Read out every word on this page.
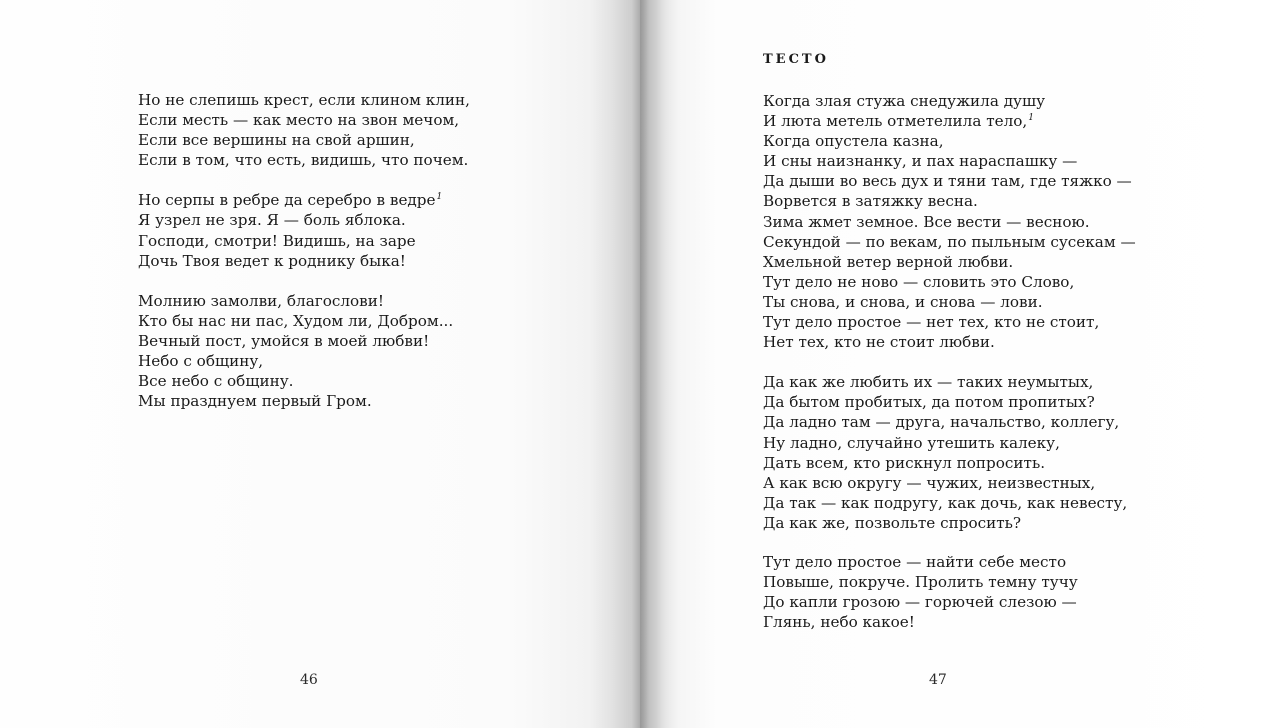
Но не слепишь крест, если клином клин,
Если месть — как место на звон мечом,
Если все вершины на свой аршин,
Если в том, что есть, видишь, что почем.
Но серпы в ребре да серебро в ведре$^1$
Я узрел не зря. Я — боль яблока.
Господи, смотри! Видишь, на заре
Дочь Твоя ведет к роднику быка!
Молнию замолви, благослови!
Кто бы нас ни пас, Худом ли, Добром...
Вечный пост, умойся в моей любви!
Небо с общину,
Все небо с общину.
Мы празднуем первый Гром.
46
ТЕСТО
Когда злая стужа снедужила душу
И люта метель отметелила тело,$^1$
Когда опустела казна,
И сны наизнанку, и пах нараспашку —
Да дыши во весь дух и тяни там, где тяжко —
Ворвется в затяжку весна.
Зима жмет земное. Все вести — весною.
Секундой — по векам, по пыльным сусекам —
Хмельной ветер верной любви.
Тут дело не ново — словить это Слово,
Ты снова, и снова, и снова — лови.
Тут дело простое — нет тех, кто не стоит,
Нет тех, кто не стоит любви.
Да как же любить их — таких неумытых,
Да бытом пробитых, да потом пропитых?
Да ладно там — друга, начальство, коллегу,
Ну ладно, случайно утешить калеку,
Дать всем, кто рискнул попросить.
А как всю округу — чужих, неизвестных,
Да так — как подругу, как дочь, как невесту,
Да как же, позвольте спросить?
Тут дело простое — найти себе место
Повыше, покруче. Пролить темну тучу
До капли грозою — горючей слезою —
Глянь, небо какое!
47
